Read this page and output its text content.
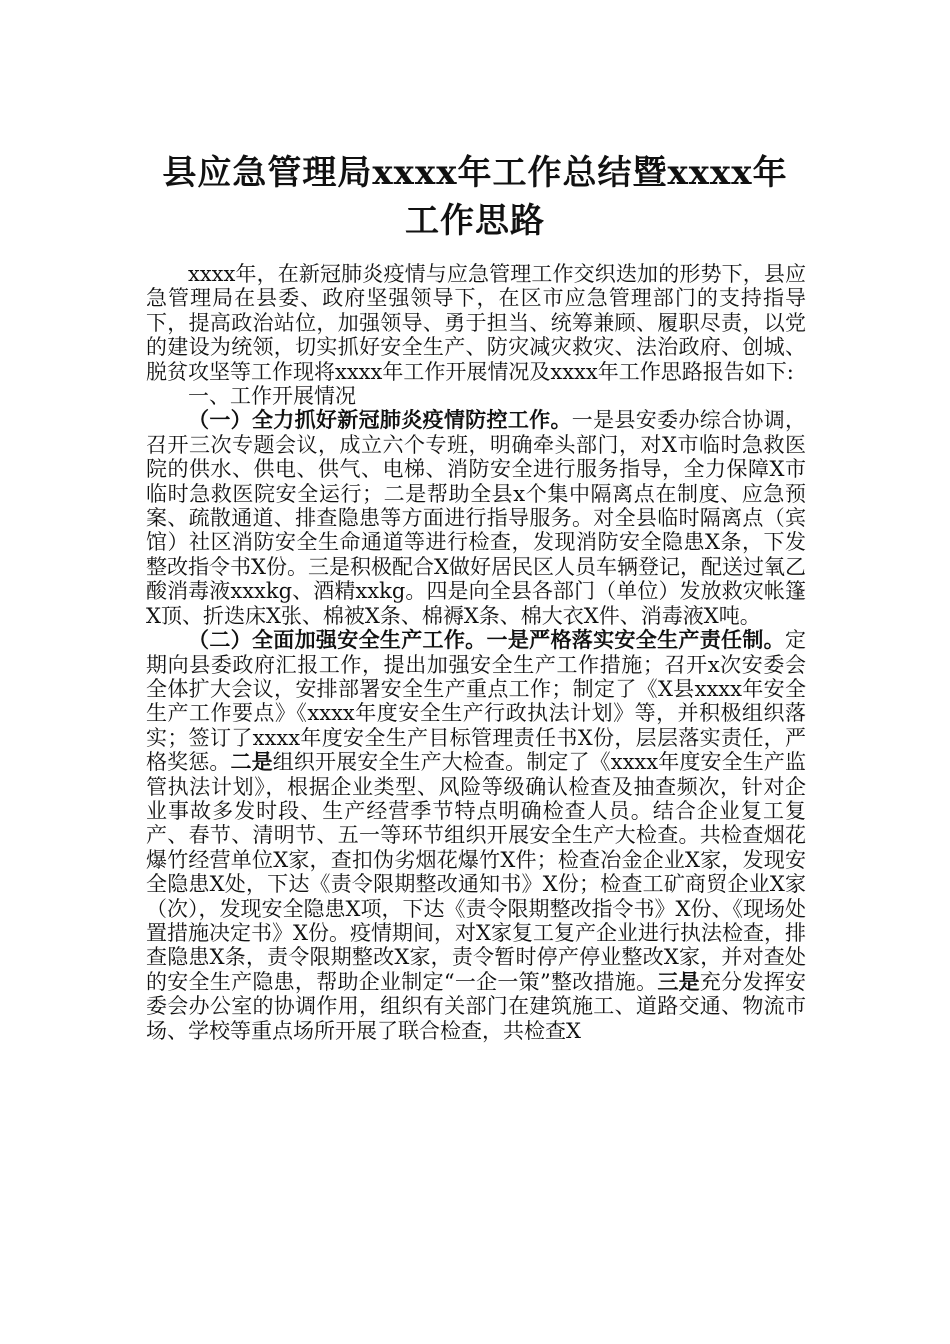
县应急管理局xxxx年工作总结暨xxxx年
工作思路

xxxx年，在新冠肺炎疫情与应急管理工作交织迭加的形势下，县应急管理局在县委、政府坚强领导下，在区市应急管理部门的支持指导下，提高政治站位，加强领导、勇于担当、统筹兼顾、履职尽责，以党的建设为统领，切实抓好安全生产、防灾减灾救灾、法治政府、创城、脱贫攻坚等工作现将xxxx年工作开展情况及xxxx年工作思路报告如下:

一、工作开展情况

（一）全力抓好新冠肺炎疫情防控工作。一是县安委办综合协调，召开三次专题会议，成立六个专班，明确牵头部门，对X市临时急救医院的供水、供电、供气、电梯、消防安全进行服务指导，全力保障X市临时急救医院安全运行；二是帮助全县x个集中隔离点在制度、应急预案、疏散通道、排查隐患等方面进行指导服务。对全县临时隔离点（宾馆）社区消防安全生命通道等进行检查，发现消防安全隐患X条，下发整改指令书X份。三是积极配合X做好居民区人员车辆登记，配送过氧乙酸消毒液xxxkg、酒精xxkg。四是向全县各部门（单位）发放救灾帐篷X顶、折迭床X张、棉被X条、棉褥X条、棉大衣X件、消毒液X吨。

（二）全面加强安全生产工作。一是严格落实安全生产责任制。定期向县委政府汇报工作，提出加强安全生产工作措施；召开x次安委会全体扩大会议，安排部署安全生产重点工作；制定了《X县xxxx年安全生产工作要点》《xxxx年度安全生产行政执法计划》等，并积极组织落实；签订了xxxx年度安全生产目标管理责任书X份，层层落实责任，严格奖惩。二是组织开展安全生产大检查。制定了《xxxx年度安全生产监管执法计划》，根据企业类型、风险等级确认检查及抽查频次，针对企业事故多发时段、生产经营季节特点明确检查人员。结合企业复工复产、春节、清明节、五一等环节组织开展安全生产大检查。共检查烟花爆竹经营单位X家，查扣伪劣烟花爆竹X件；检查冶金企业X家，发现安全隐患X处，下达《责令限期整改通知书》X份；检查工矿商贸企业X家（次），发现安全隐患X项，下达《责令限期整改指令书》X份、《现场处置措施决定书》X份。疫情期间，对X家复工复产企业进行执法检查，排查隐患X条，责令限期整改X家，责令暂时停产停业整改X家，并对查处的安全生产隐患，帮助企业制定“一企一策”整改措施。三是充分发挥安委会办公室的协调作用，组织有关部门在建筑施工、道路交通、物流市场、学校等重点场所开展了联合检查，共检查X
